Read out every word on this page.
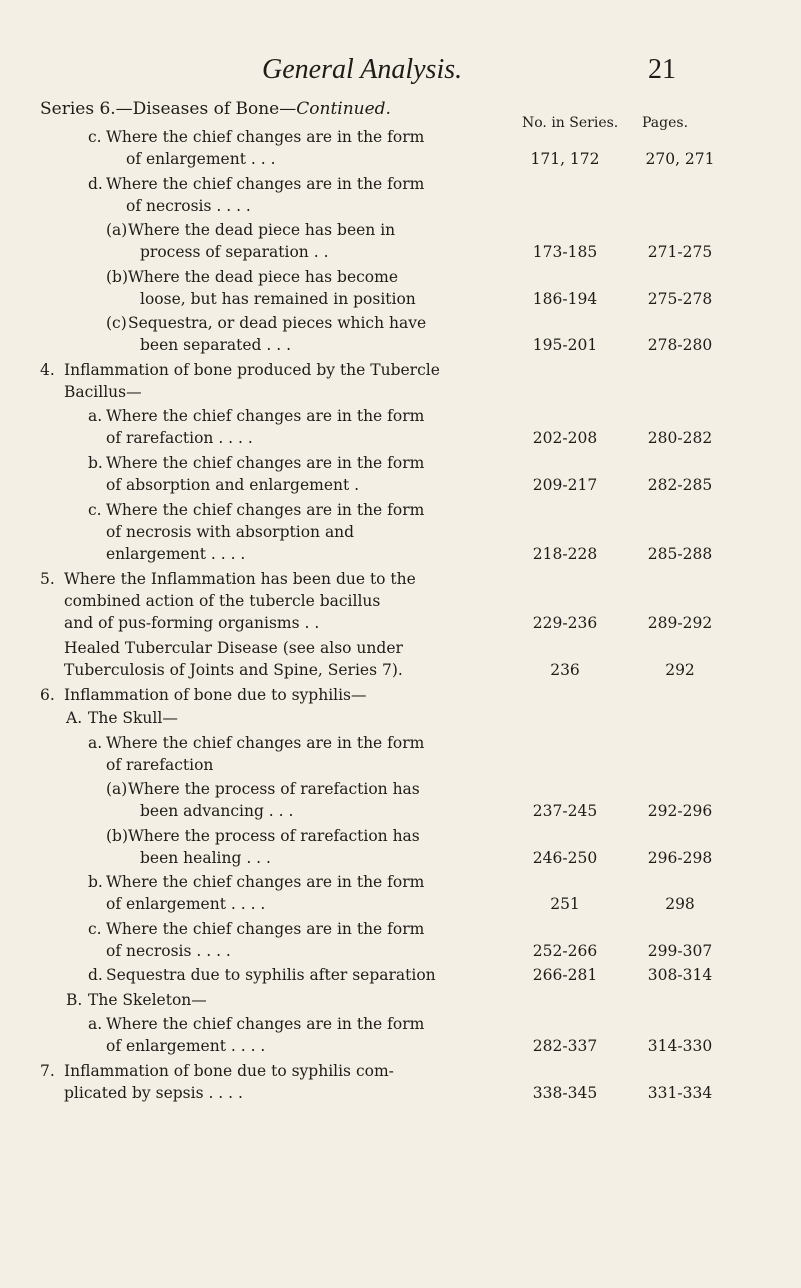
General Analysis.	21
Series 6.—Diseases of Bone—Continued.
No. in Series. Pages.
c. Where the chief changes are in the form
of enlargement . . .	171, 172	270, 271
d. Where the chief changes are in the form
of necrosis . . . .
(a) Where the dead piece has been in
process of separation . .	173-185	271-275
(b) Where the dead piece has become
loose, but has remained in position	186-194	275-278
(c) Sequestra, or dead pieces which have
been separated . . .	195-201	278-280
4. Inflammation of bone produced by the Tubercle
Bacillus—
a. Where the chief changes are in the form
of rarefaction . . . .	202-208	280-282
b. Where the chief changes are in the form
of absorption and enlargement .	209-217	282-285
c. Where the chief changes are in the form
of necrosis with absorption and
enlargement . . . .	218-228	285-288
5. Where the Inflammation has been due to the
combined action of the tubercle bacillus
and of pus-forming organisms . .	229-236	289-292
Healed Tubercular Disease (see also under
Tuberculosis of Joints and Spine, Series 7).	236	292
6. Inflammation of bone due to syphilis—
A. The Skull—
a. Where the chief changes are in the form
of rarefaction
(a) Where the process of rarefaction has
been advancing . . .	237-245	292-296
(b) Where the process of rarefaction has
been healing . . .	246-250	296-298
b. Where the chief changes are in the form
of enlargement . . . .	251	298
c. Where the chief changes are in the form
of necrosis . . . .	252-266	299-307
d. Sequestra due to syphilis after separation	266-281	308-314
B. The Skeleton—
a. Where the chief changes are in the form
of enlargement . . . .	282-337	314-330
7. Inflammation of bone due to syphilis com-
plicated by sepsis . . . .	338-345	331-334
